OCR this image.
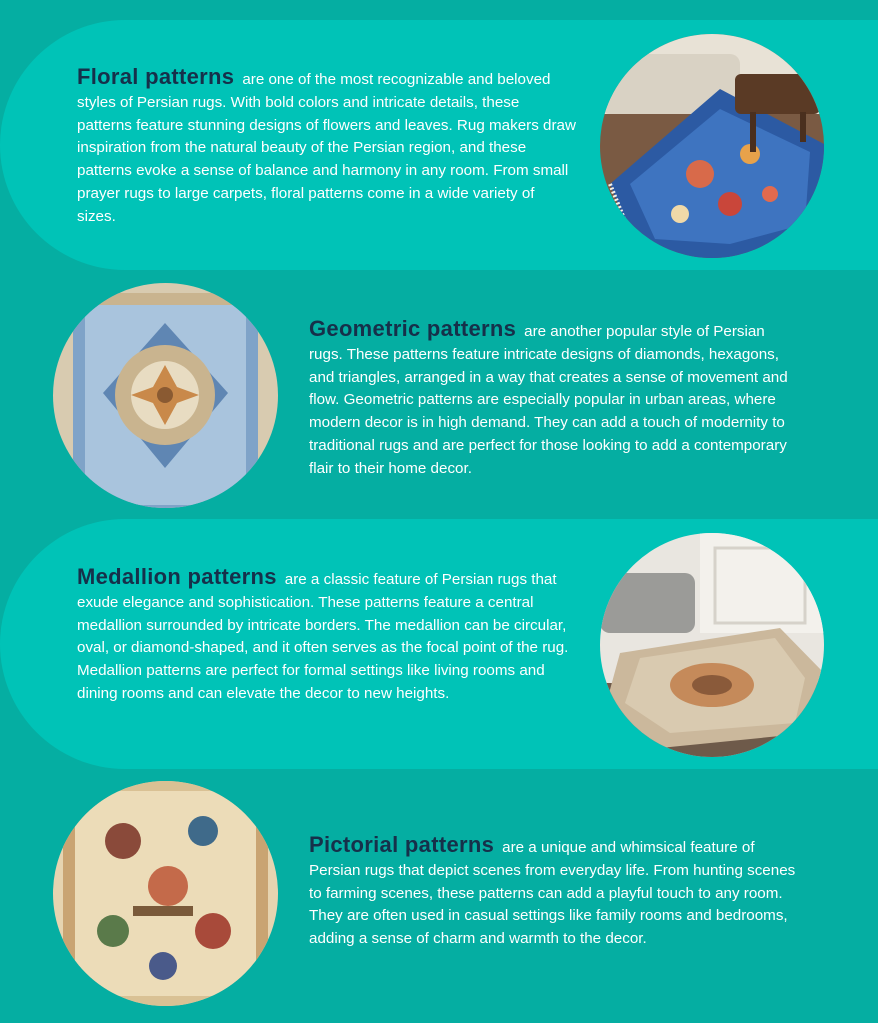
Floral patterns are one of the most recognizable and beloved styles of Persian rugs. With bold colors and intricate details, these patterns feature stunning designs of flowers and leaves. Rug makers draw inspiration from the natural beauty of the Persian region, and these patterns evoke a sense of balance and harmony in any room. From small prayer rugs to large carpets, floral patterns come in a wide variety of sizes.
Geometric patterns are another popular style of Persian rugs. These patterns feature intricate designs of diamonds, hexagons, and triangles, arranged in a way that creates a sense of movement and flow. Geometric patterns are especially popular in urban areas, where modern decor is in high demand. They can add a touch of modernity to traditional rugs and are perfect for those looking to add a contemporary flair to their home decor.
Medallion patterns are a classic feature of Persian rugs that exude elegance and sophistication. These patterns feature a central medallion surrounded by intricate borders. The medallion can be circular, oval, or diamond-shaped, and it often serves as the focal point of the rug. Medallion patterns are perfect for formal settings like living rooms and dining rooms and can elevate the decor to new heights.
Pictorial patterns are a unique and whimsical feature of Persian rugs that depict scenes from everyday life. From hunting scenes to farming scenes, these patterns can add a playful touch to any room. They are often used in casual settings like family rooms and bedrooms, adding a sense of charm and warmth to the decor.
